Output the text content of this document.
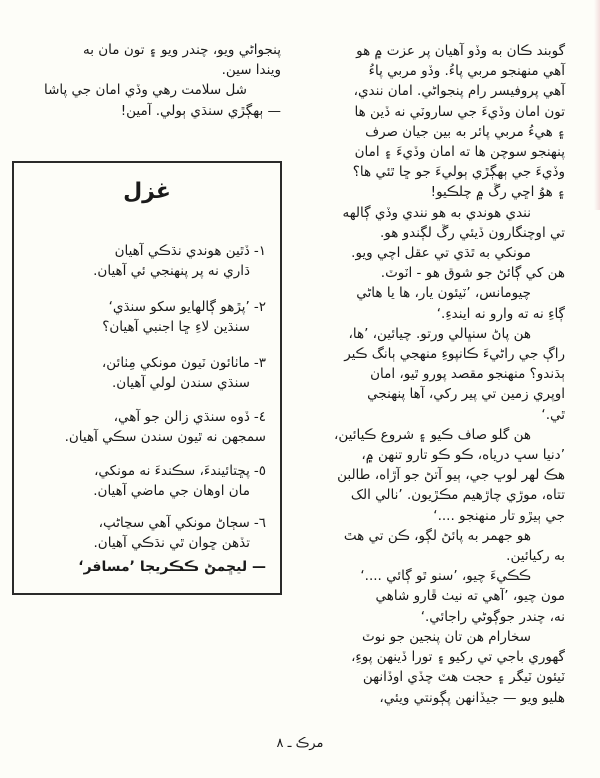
پنجواڻي ويو، چندر ويو ۽ تون مان به

ويندا سين.

شل سلامت رهي وڏي امان جي پاشا

— ٻهڳڙي سنڌي ٻولي. آمين!

غزل
١-ڏٿين هوندي نڌڪي آهيان
ڌاري نه پر پنهنجي ئي آهيان.
٢-’پڙهو ڳالهايو سکو سنڌي‘
سنڌين لاءِ ڇا اجنبي آهيان؟
٣-ماٺائون ٽيون مونکي مِٺائن،
سنڌي سندن لولي آهيان.
٤-ڏوه سنڌي زالن جو آهي،
سمجهن نه ٿيون سندن سڪي آهيان.
٥-پڇتائيندءَ، سڪندءَ نه مونکي،
مان اوهان جي ماضي آهيان.
٦-سڄاڻ مونکي آهي سڃاڻپ،
تڏهن ڇوان ٿي نڌڪي آهيان.
— ليڇمڻ ڪڪريجا ’مسافر‘

گوبند ڪان به وڏو آهيان پر عزت ۾ هو

آهي منهنجو مربي پاءُ. وڏو مربي پاءُ

آهي پروفيسر رام پنجواڻي. امان نندي،

تون امان وڏيءَ جي ساروٽي نه ڏين ها

۽ هيءُ مربي پائر به بين جيان صرف

پنهنجو سوچن ها ته امان وڏيءَ ۽ امان

وڏيءَ جي ٻهڳڙي ٻوليءَ جو ڇا ٿئي ها؟

۽ هوُ اڇي رڱ ۾ چلڪيو!

نندي هوندي به هو نندي وڏي ڳالهه

تي اوچنگارون ڏيئي رڱ لڳندو هو.

مونکي به ٿڌي تي عقل اچي ويو.

هن کي ڳائڻ جو شوق هو - اٽوٽ.

چيومانس، ’ٽيئون يار، ها يا هاڻي

ڳاءِ نه ته وارو نه ايندءِ.‘

هن پاڻ سنڀالي ورتو. چيائين، ’ها،

راڳ جي راڻيءَ ڪانپوءِ منهجي ٻانگ ڪير

ٻڌندو؟ منهنجو مقصد پورو ٿيو، امان

اوپري زمين تي پير رکي، آها پنهنجي

ٿي.‘

هن گلو صاف ڪيو ۽ شروع ڪيائين،

’دنيا سڀ درياه، ڪو ڪو تارو تنهن ۾،

هڪ لهر لوڀ جي، ٻيو آتڻ جو آڙاه، طالبن

تتاه، موڙي چاڙهيم مڪڙيون. ’نالي الک

جي ٻيڙو تار منهنجو ....‘

هو جهمر به پائڻ لڳو، ڪن تي هٿ

به رکيائين.

ڪڪيءَ چيو، ’سنو ٿو ڳائي ....‘

مون چيو، ’آهي ته نيٺ ڦارو شاهي

نه، چندر جوڳوڻي راجائي.‘

سخارام هن تان پنجين جو نوٽ

گهوري باجي تي رکيو ۽ تورا ڏينهن پوءِ،

ٽيئون ٽيگر ۽ حجت هٽ چڏي اوڏانهن

هليو ويو — جيڏانهن پڳونتي ويئي،

مرڪ ـ ٨
